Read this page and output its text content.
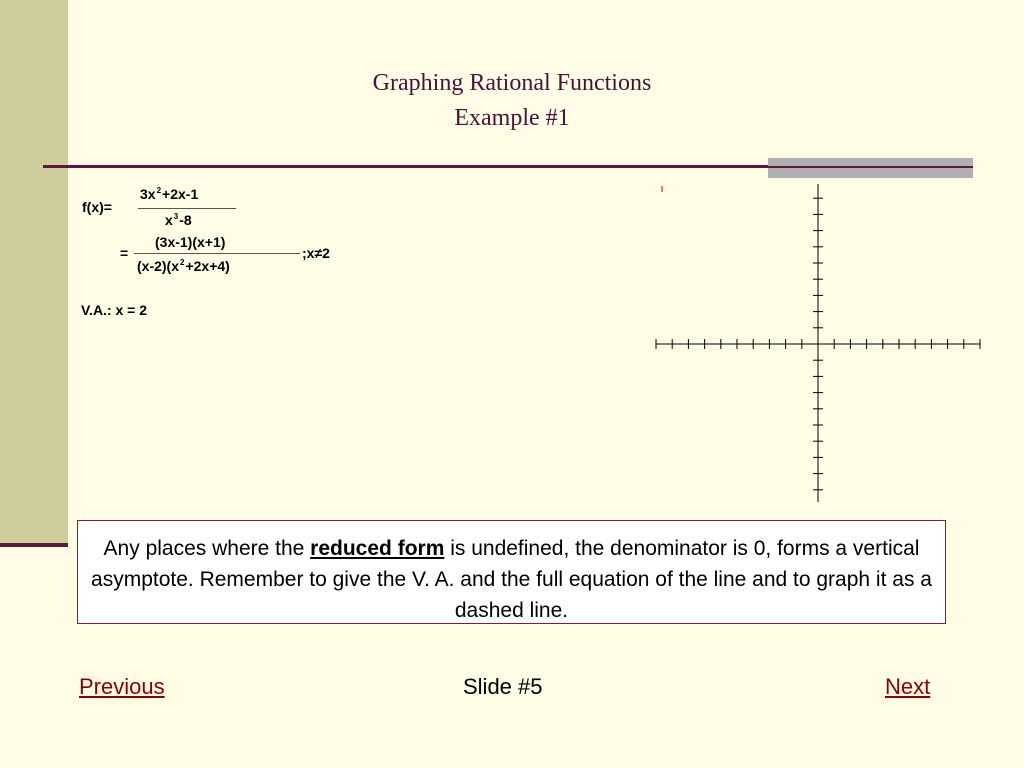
Graphing Rational Functions
Example #1
f(x)=
$3x^2+2x-1$
$x^3-8$
=
(3x-1)(x+1)
$(x-2)(x^2+2x+4)$
;x≠2
V.A.: x = 2
Any places where the reduced form is undefined, the denominator is 0, forms a vertical asymptote. Remember to give the V. A. and the full equation of the line and to graph it as a dashed line.
Previous	Slide #5	Next
